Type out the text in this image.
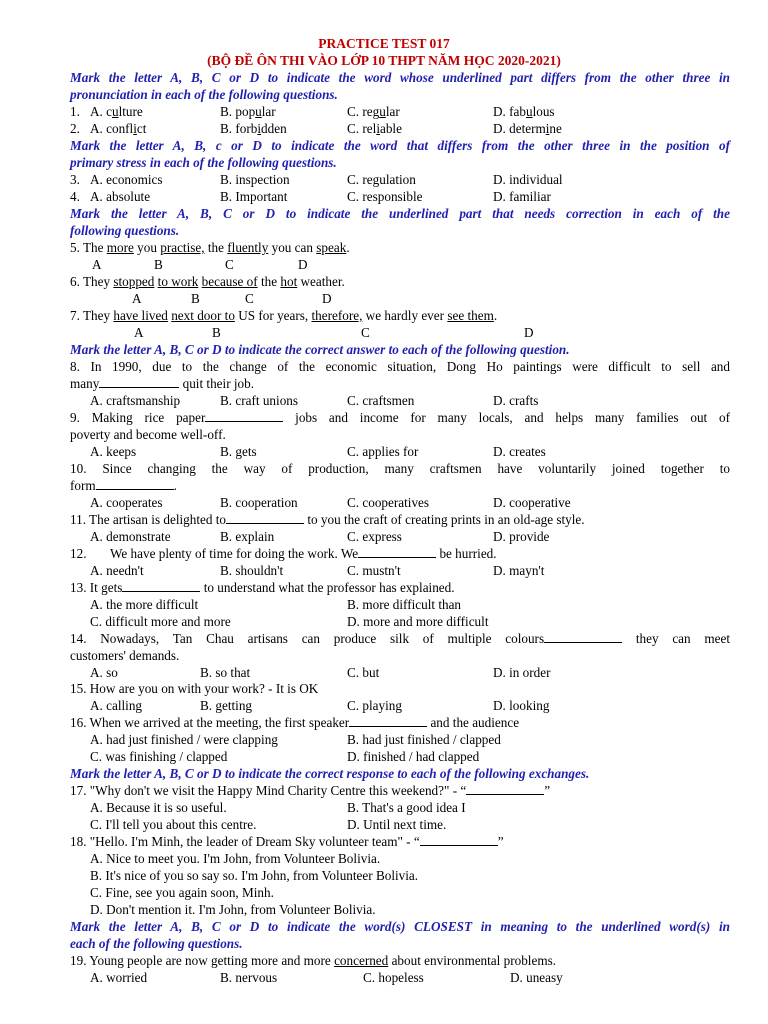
PRACTICE TEST 017
(BỘ ĐỀ ÔN THI VÀO LỚP 10 THPT NĂM HỌC 2020-2021)
Mark the letter A, B, C or D to indicate the word whose underlined part differs from the other three in
pronunciation in each of the following questions.
1. A. culture	B. popular	C. regular	D. fabulous
2. A. conflict	B. forbidden	C. reliable	D. determine
Mark the letter A, B, c or D to indicate the word that differs from the other three in the position of
primary stress in each of the following questions.
3. A. economics	B. inspection	C. regulation	D. individual
4. A. absolute	B. Important	C. responsible	D. familiar
Mark the letter A, B, C or D to indicate the underlined part that needs correction in each of the
following questions.
5. The more you practise, the fluently you can speak.
A	B	C	D
6. They stopped to work because of the hot weather.
A	B	C	D
7. They have lived next door to US for years, therefore, we hardly ever see them.
A	B	C	D
Mark the letter A, B, C or D to indicate the correct answer to each of the following question.
8. In 1990, due to the change of the economic situation, Dong Ho paintings were difficult to sell and
many	quit their job.
A. craftsmanship	B. craft unions	C. craftsmen	D. crafts
9. Making rice paper	jobs and income for many locals, and helps many families out of
poverty and become well-off.
A. keeps	B. gets	C. applies for	D. creates
10. Since changing the way of production, many craftsmen have voluntarily joined together to
form	.
A. cooperates	B. cooperation	C. cooperatives	D. cooperative
11. The artisan is delighted to	to you the craft of creating prints in an old-age style.
A. demonstrate	B. explain	C. express	D. provide
12. We have plenty of time for doing the work. We	be hurried.
A. needn't	B. shouldn't	C. mustn't	D. mayn't
13. It gets	to understand what the professor has explained.
A. the more difficult	B. more difficult than
C. difficult more and more	D. more and more difficult
14. Nowadays, Tan Chau artisans can produce silk of multiple colours	they can meet
customers' demands.
A. so	B. so that	C. but	D. in order
15. How are you on with your work? - It is OK
A. calling	B. getting	C. playing	D. looking
16. When we arrived at the meeting, the first speaker	and the audience
A. had just finished / were clapping	B. had just finished / clapped
C. was finishing / clapped	D. finished / had clapped
Mark the letter A, B, C or D to indicate the correct response to each of the following exchanges.
17. "Why don't we visit the Happy Mind Charity Centre this weekend?" - “	”
A. Because it is so useful.	B. That's a good idea I
C. I'll tell you about this centre.	D. Until next time.
18. "Hello. I'm Minh, the leader of Dream Sky volunteer team" - “	”
A. Nice to meet you. I'm John, from Volunteer Bolivia.
B. It's nice of you so say so. I'm John, from Volunteer Bolivia.
C. Fine, see you again soon, Minh.
D. Don't mention it. I'm John, from Volunteer Bolivia.
Mark the letter A, B, C or D to indicate the word(s) CLOSEST in meaning to the underlined word(s) in
each of the following questions.
19. Young people are now getting more and more concerned about environmental problems.
A. worried	B. nervous	C. hopeless	D. uneasy
